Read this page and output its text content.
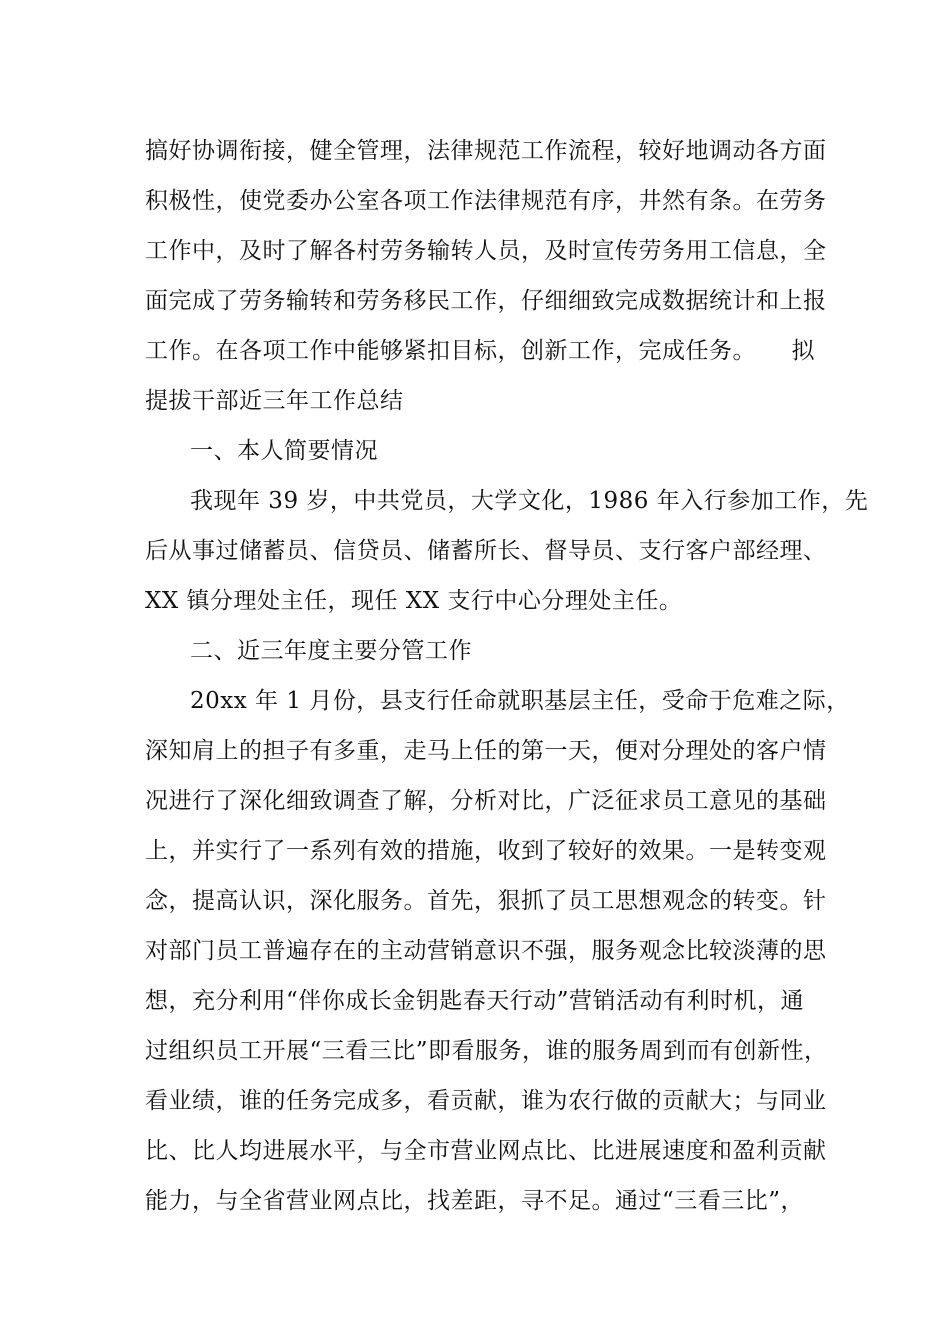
搞好协调衔接，健全管理，法律规范工作流程，较好地调动各方面
积极性，使党委办公室各项工作法律规范有序，井然有条。在劳务
工作中，及时了解各村劳务输转人员，及时宣传劳务用工信息，全
面完成了劳务输转和劳务移民工作，仔细细致完成数据统计和上报
工作。在各项工作中能够紧扣目标，创新工作，完成任务。　　拟
提拔干部近三年工作总结
一、本人简要情况
我现年 39 岁，中共党员，大学文化，1986 年入行参加工作，先
后从事过储蓄员、信贷员、储蓄所长、督导员、支行客户部经理、
XX 镇分理处主任，现任 XX 支行中心分理处主任。
二、近三年度主要分管工作
20xx 年 1 月份，县支行任命就职基层主任，受命于危难之际，
深知肩上的担子有多重，走马上任的第一天，便对分理处的客户情
况进行了深化细致调查了解，分析对比，广泛征求员工意见的基础
上，并实行了一系列有效的措施，收到了较好的效果。一是转变观
念，提高认识，深化服务。首先，狠抓了员工思想观念的转变。针
对部门员工普遍存在的主动营销意识不强，服务观念比较淡薄的思
想，充分利用“伴你成长金钥匙春天行动”营销活动有利时机，通
过组织员工开展“三看三比”即看服务，谁的服务周到而有创新性，
看业绩，谁的任务完成多，看贡献，谁为农行做的贡献大；与同业
比、比人均进展水平，与全市营业网点比、比进展速度和盈利贡献
能力，与全省营业网点比，找差距，寻不足。通过“三看三比”，
